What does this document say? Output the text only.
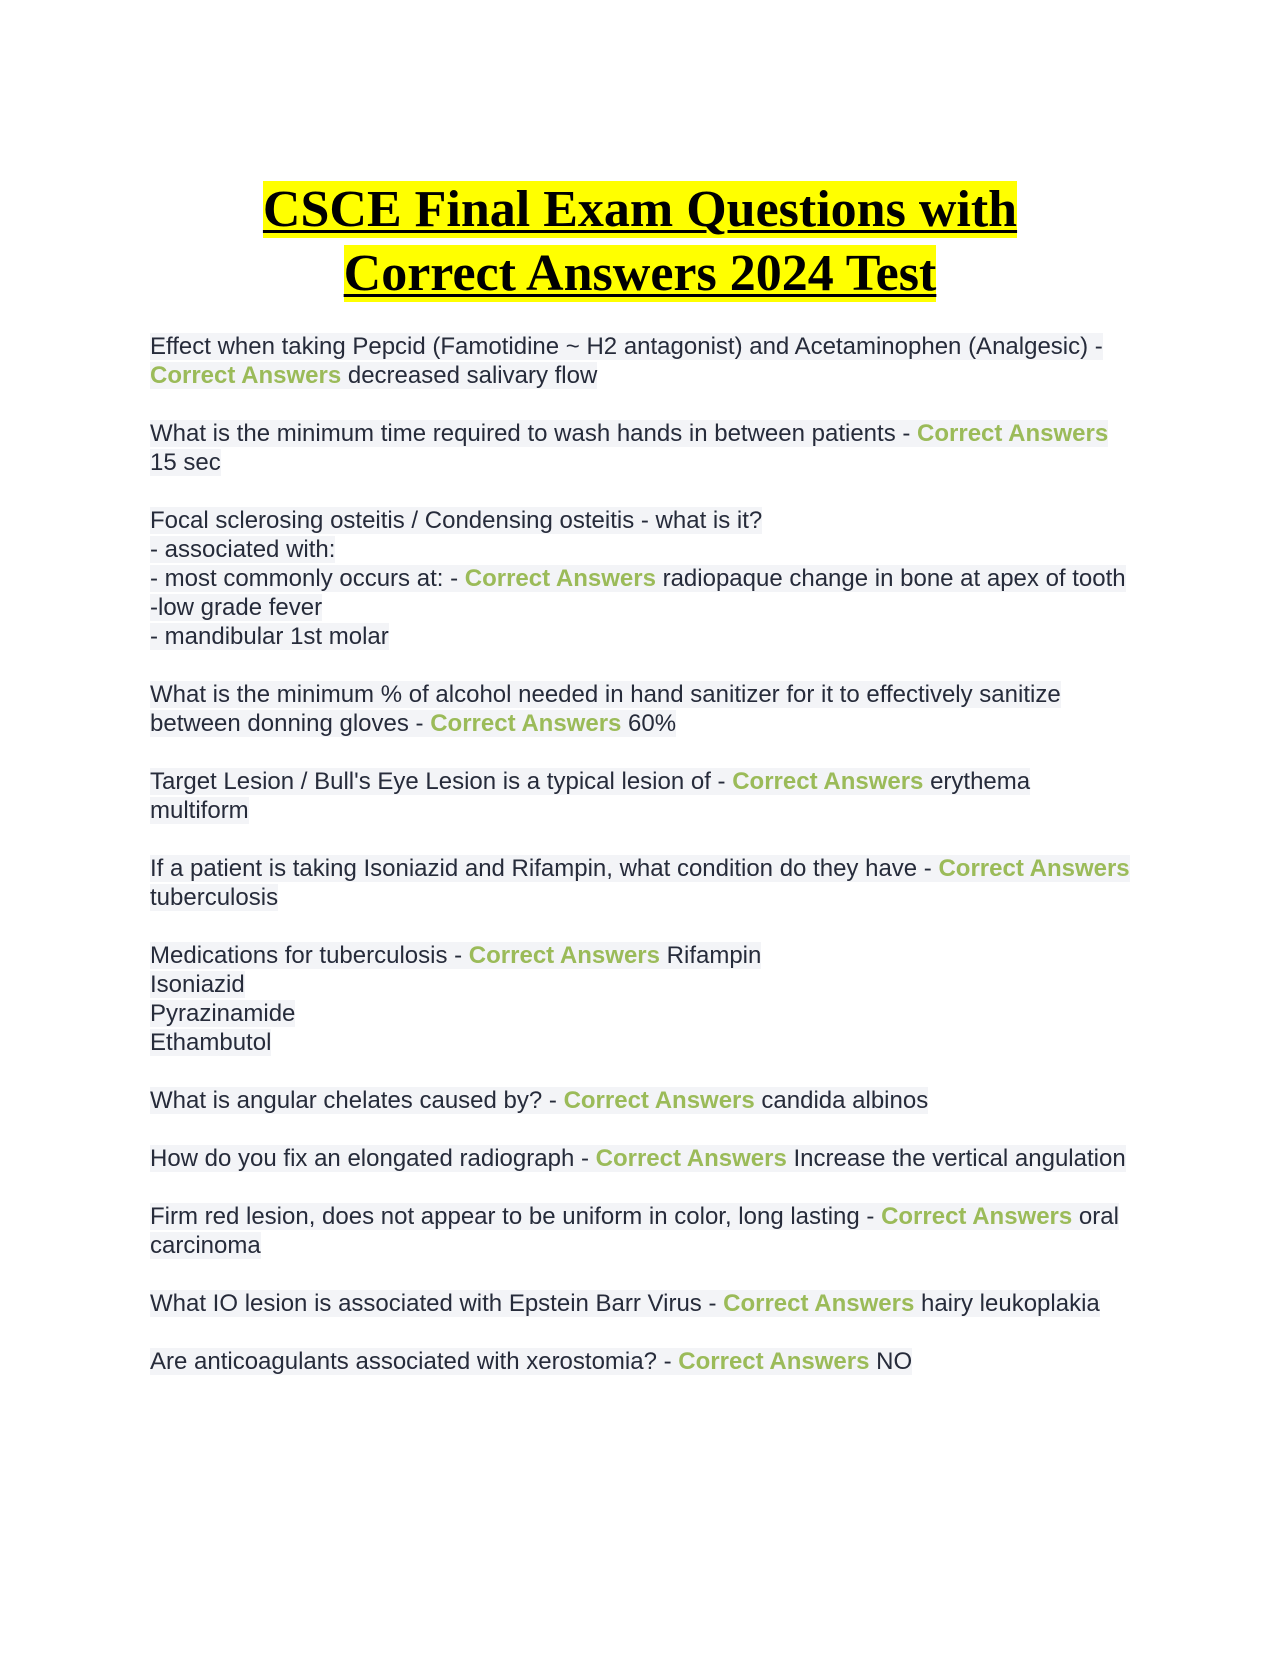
CSCE Final Exam Questions with
Correct Answers 2024 Test
Effect when taking Pepcid (Famotidine ~ H2 antagonist) and Acetaminophen (Analgesic) - Correct Answers decreased salivary flow
What is the minimum time required to wash hands in between patients - Correct Answers 15 sec
Focal sclerosing osteitis / Condensing osteitis - what is it?
- associated with:
- most commonly occurs at: - Correct Answers radiopaque change in bone at apex of tooth
-low grade fever
- mandibular 1st molar
What is the minimum % of alcohol needed in hand sanitizer for it to effectively sanitize between donning gloves - Correct Answers 60%
Target Lesion / Bull's Eye Lesion is a typical lesion of - Correct Answers erythema multiform
If a patient is taking Isoniazid and Rifampin, what condition do they have - Correct Answers tuberculosis
Medications for tuberculosis - Correct Answers Rifampin
Isoniazid
Pyrazinamide
Ethambutol
What is angular chelates caused by? - Correct Answers candida albinos
How do you fix an elongated radiograph - Correct Answers Increase the vertical angulation
Firm red lesion, does not appear to be uniform in color, long lasting - Correct Answers oral carcinoma
What IO lesion is associated with Epstein Barr Virus - Correct Answers hairy leukoplakia
Are anticoagulants associated with xerostomia? - Correct Answers NO
